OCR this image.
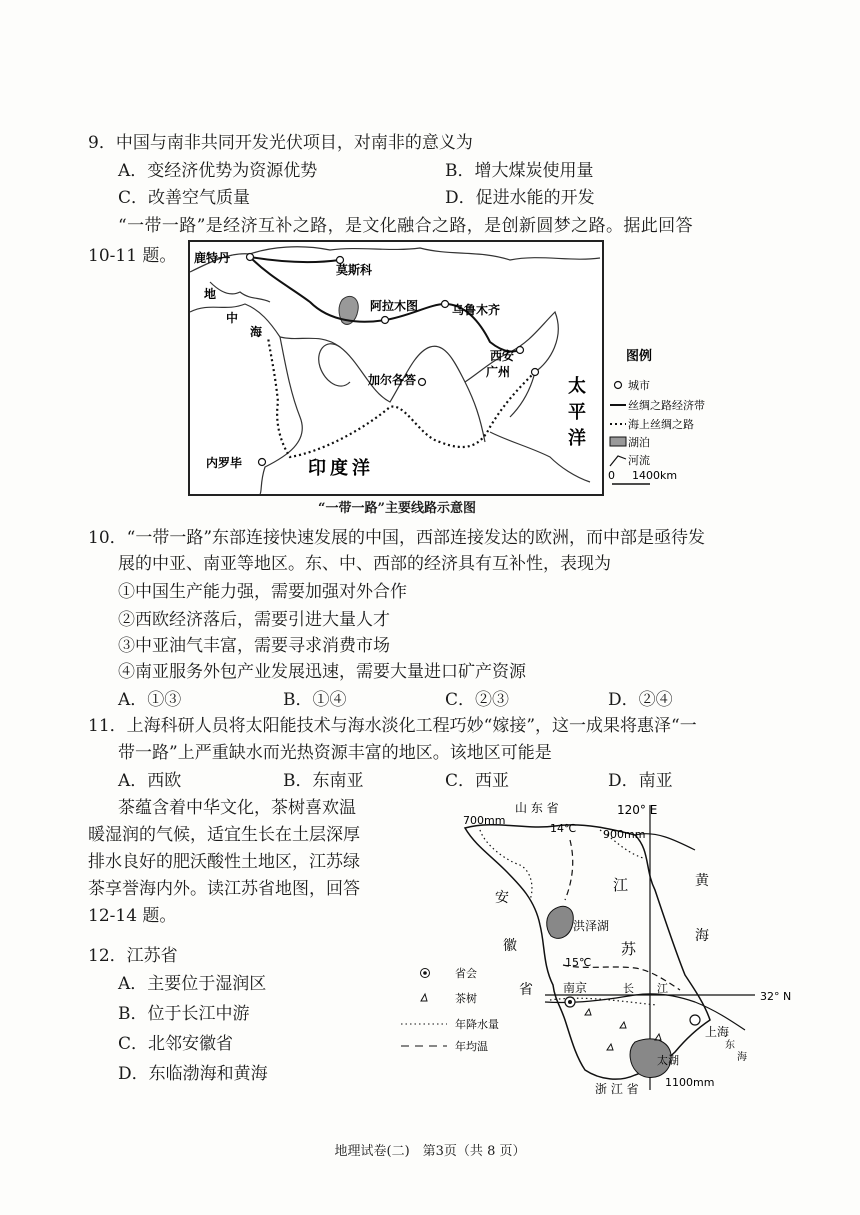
9．中国与南非共同开发光伏项目，对南非的意义为
A．变经济优势为资源优势	B．增大煤炭使用量
C．改善空气质量	D．促进水能的开发
“一带一路”是经济互补之路，是文化融合之路，是创新圆梦之路。据此回答
10-11 题。 鹿特丹
莫斯科
阿拉木图	乌鲁木齐
西安
广州
加尔各答
内罗毕	印度洋
太
平
洋
地
中
海
图例
城市
丝绸之路经济带
海上丝绸之路
湖泊
河流
0 1400km
“一带一路”主要线路示意图
10．“一带一路”东部连接快速发展的中国，西部连接发达的欧洲，而中部是亟待发
展的中亚、南亚等地区。东、中、西部的经济具有互补性，表现为
①中国生产能力强，需要加强对外合作
②西欧经济落后，需要引进大量人才
③中亚油气丰富，需要寻求消费市场
④南亚服务外包产业发展迅速，需要大量进口矿产资源
A．①③	B．①④	C．②③	D．②④
11．上海科研人员将太阳能技术与海水淡化工程巧妙“嫁接”，这一成果将惠泽“一
带一路”上严重缺水而光热资源丰富的地区。该地区可能是
A．西欧	B．东南亚	C．西亚	D．南亚
茶蕴含着中华文化，茶树喜欢温
暖湿润的气候，适宜生长在土层深厚
排水良好的肥沃酸性土地区，江苏绿
茶享誉海内外。读江苏省地图，回答
12-14 题。
12．江苏省
A．主要位于湿润区
B．位于长江中游
C．北邻安徽省
D．东临渤海和黄海
山 东 省	120° E
700mm
900mm
14℃
15℃
江
苏
安
徽
省
黄
海
洪泽湖
南京	长 江
上海
太湖
32° N
浙 江 省 1100mm
东
海
省会
茶树
年降水量
年均温
地理试卷(二)　第3页（共 8 页）
